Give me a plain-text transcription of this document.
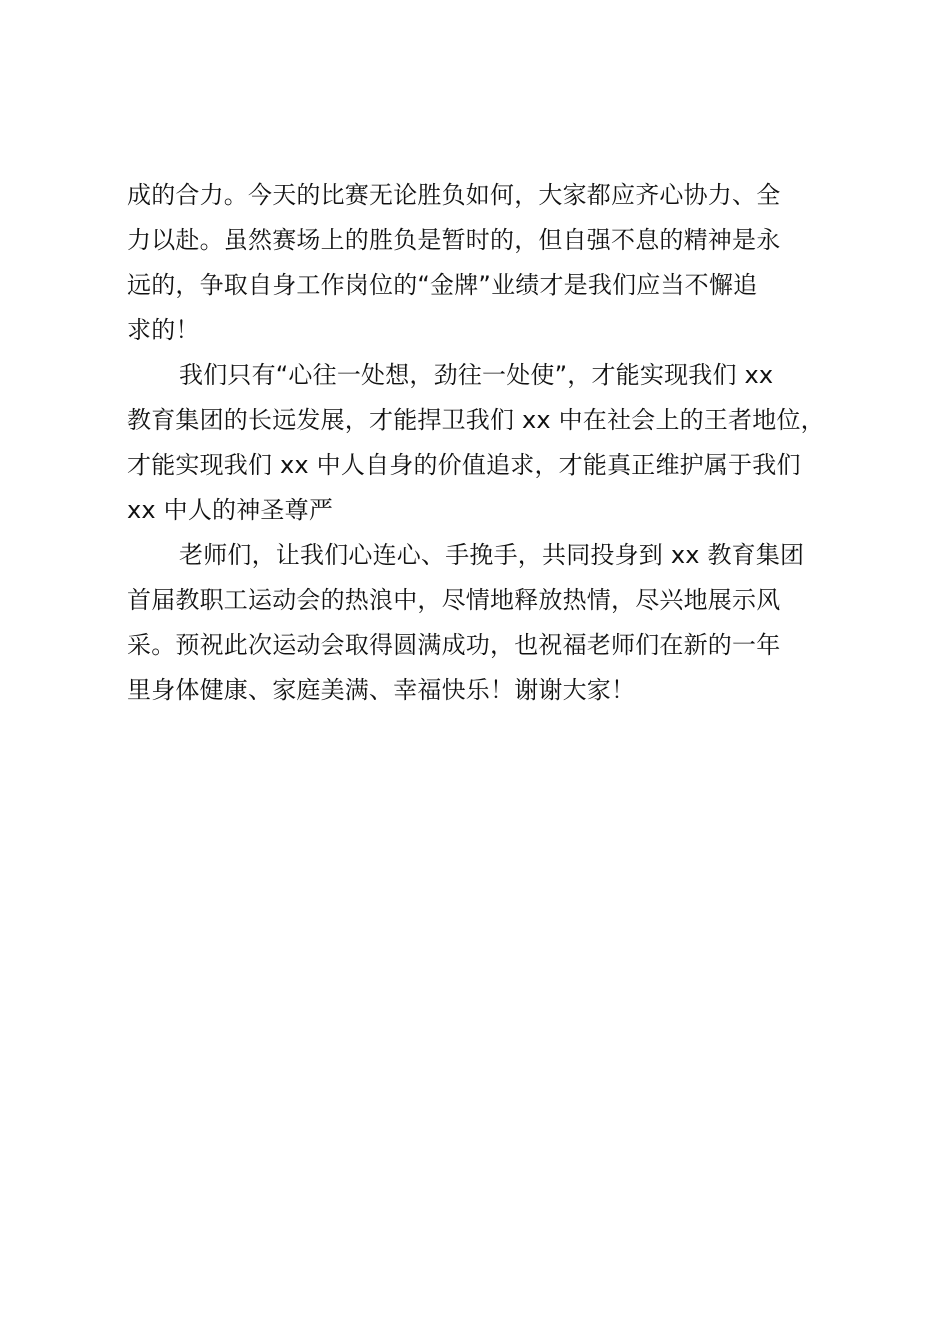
成的合力。今天的比赛无论胜负如何，大家都应齐心协力、全
力以赴。虽然赛场上的胜负是暂时的，但自强不息的精神是永
远的，争取自身工作岗位的“金牌”业绩才是我们应当不懈追
求的！
我们只有“心往一处想，劲往一处使”，才能实现我们 xx
教育集团的长远发展，才能捍卫我们 xx 中在社会上的王者地位，
才能实现我们 xx 中人自身的价值追求，才能真正维护属于我们
xx 中人的神圣尊严
老师们，让我们心连心、手挽手，共同投身到 xx 教育集团
首届教职工运动会的热浪中，尽情地释放热情，尽兴地展示风
采。预祝此次运动会取得圆满成功，也祝福老师们在新的一年
里身体健康、家庭美满、幸福快乐！谢谢大家！
